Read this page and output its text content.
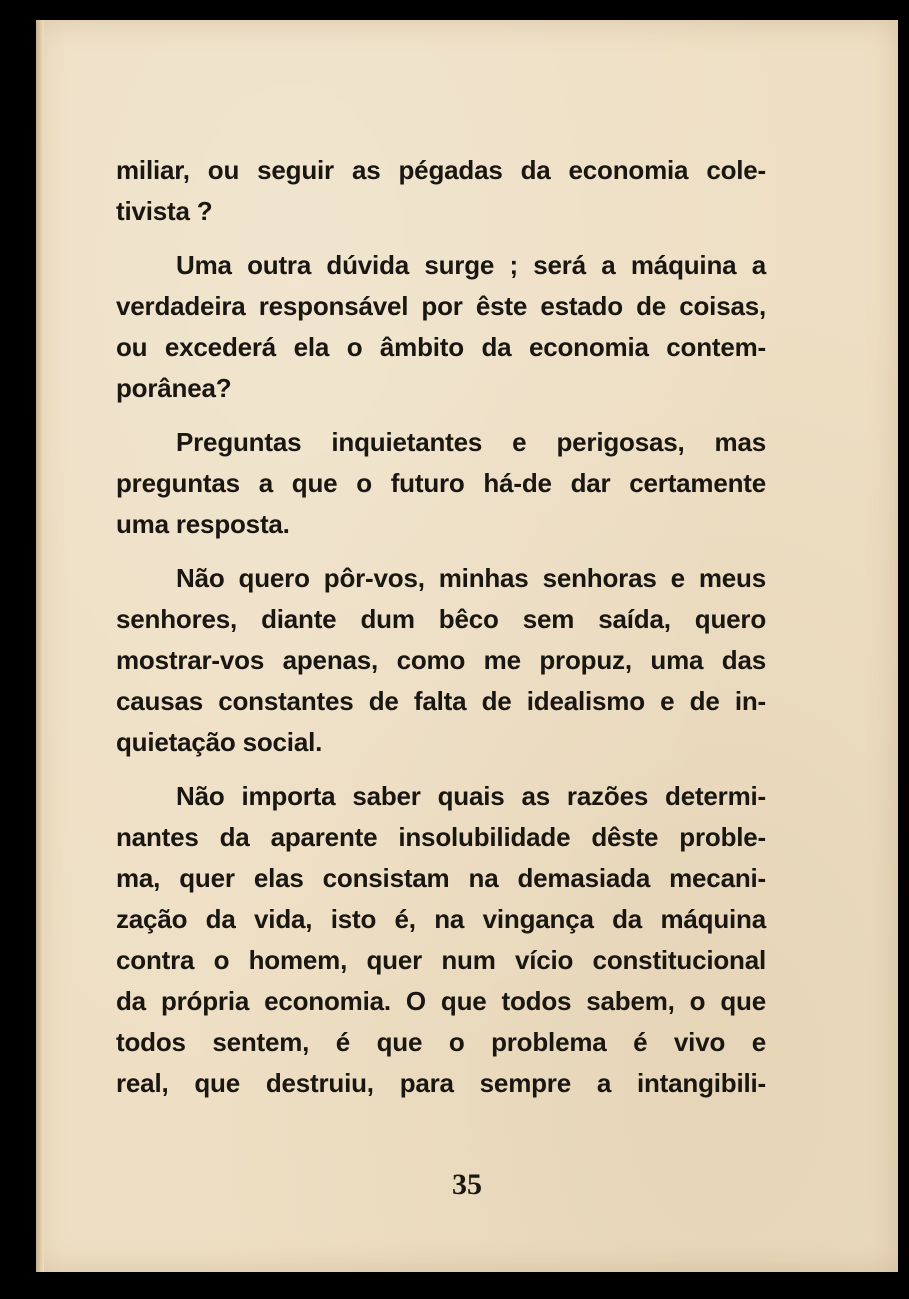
miliar, ou seguir as pégadas da economia cole-
tivista ?

Uma outra dúvida surge ; será a máquina a
verdadeira responsável por êste estado de coisas,
ou excederá ela o âmbito da economia contem-
porânea?

Preguntas inquietantes e perigosas, mas
preguntas a que o futuro há-de dar certamente
uma resposta.

Não quero pôr-vos, minhas senhoras e meus
senhores, diante dum bêco sem saída, quero
mostrar-vos apenas, como me propuz, uma das
causas constantes de falta de idealismo e de in-
quietação social.

Não importa saber quais as razões determi-
nantes da aparente insolubilidade dêste proble-
ma, quer elas consistam na demasiada mecani-
zação da vida, isto é, na vingança da máquina
contra o homem, quer num vício constitucional
da própria economia. O que todos sabem, o que
todos sentem, é que o problema é vivo e
real, que destruiu, para sempre a intangibili-

35
